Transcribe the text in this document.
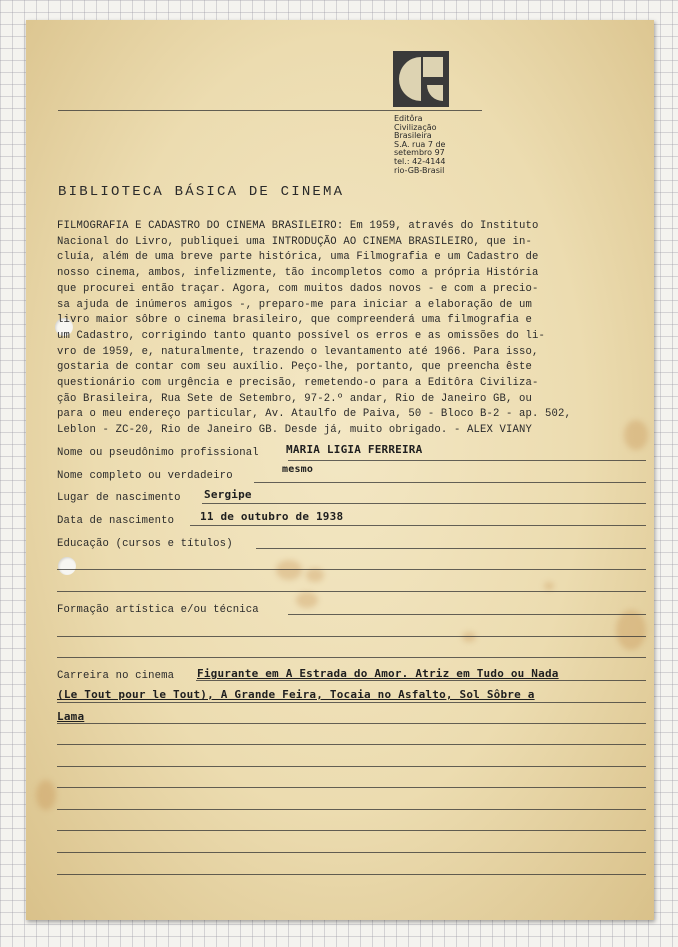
Editôra
Civilização
Brasileira
S.A. rua 7 de
setembro 97
tel.: 42-4144
rio-GB-Brasil
BIBLIOTECA BÁSICA DE CINEMA
FILMOGRAFIA E CADASTRO DO CINEMA BRASILEIRO: Em 1959, através do Instituto
Nacional do Livro, publiquei uma INTRODUÇÃO AO CINEMA BRASILEIRO, que in-
cluía, além de uma breve parte histórica, uma Filmografia e um Cadastro de
nosso cinema, ambos, infelizmente, tão incompletos como a própria História
que procurei então traçar. Agora, com muitos dados novos - e com a precio-
sa ajuda de inúmeros amigos -, preparo-me para iniciar a elaboração de um
livro maior sôbre o cinema brasileiro, que compreenderá uma filmografia e
um Cadastro, corrigindo tanto quanto possível os erros e as omissões do li-
vro de 1959, e, naturalmente, trazendo o levantamento até 1966. Para isso,
gostaria de contar com seu auxílio. Peço-lhe, portanto, que preencha êste
questionário com urgência e precisão, remetendo-o para a Editôra Civiliza-
ção Brasileira, Rua Sete de Setembro, 97-2.º andar, Rio de Janeiro GB, ou
para o meu endereço particular, Av. Ataulfo de Paiva, 50 - Bloco B-2 - ap. 502,
Leblon - ZC-20, Rio de Janeiro GB. Desde já, muito obrigado. - ALEX VIANY
Nome ou pseudônimo profissional MARIA LIGIA FERREIRA
Nome completo ou verdadeiro
mesmo
Lugar de nascimento Sergipe
Data de nascimento 11 de outubro de 1938
Educação (cursos e títulos)
Formação artística e/ou técnica
Carreira no cinema Figurante em A Estrada do Amor. Atriz em Tudo ou Nada
(Le Tout pour le Tout), A Grande Feira, Tocaia no Asfalto, Sol Sôbre a
Lama
